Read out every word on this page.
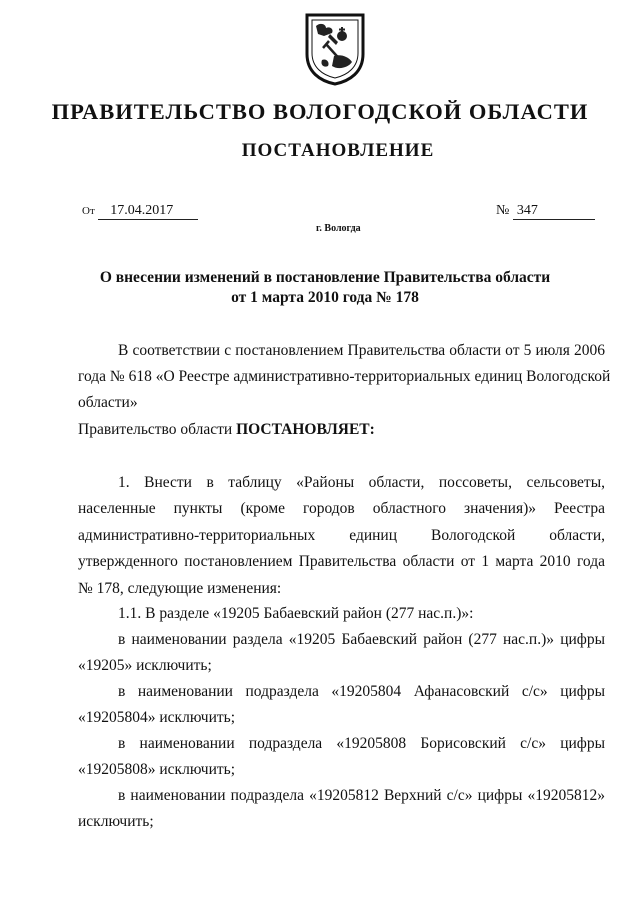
ПРАВИТЕЛЬСТВО ВОЛОГОДСКОЙ ОБЛАСТИ
ПОСТАНОВЛЕНИЕ
От 17.04.2017	№ 347
г. Вологда
О внесении изменений в постановление Правительства области
от 1 марта 2010 года № 178
В соответствии с постановлением Правительства области от 5 июля 2006
года № 618 «О Реестре административно-территориальных единиц Вологодской
области»
Правительство области ПОСТАНОВЛЯЕТ:
1. Внести в таблицу «Районы области, поссоветы, сельсоветы,
населенные пункты (кроме городов областного значения)» Реестра
административно-территориальных единиц Вологодской области,
утвержденного постановлением Правительства области от 1 марта 2010 года
№ 178, следующие изменения:
1.1. В разделе «19205 Бабаевский район (277 нас.п.)»:
в наименовании раздела «19205 Бабаевский район (277 нас.п.)» цифры
«19205» исключить;
в наименовании подраздела «19205804 Афанасовский с/с» цифры
«19205804» исключить;
в наименовании подраздела «19205808 Борисовский с/с» цифры
«19205808» исключить;
в наименовании подраздела «19205812 Верхний с/с» цифры «19205812»
исключить;
